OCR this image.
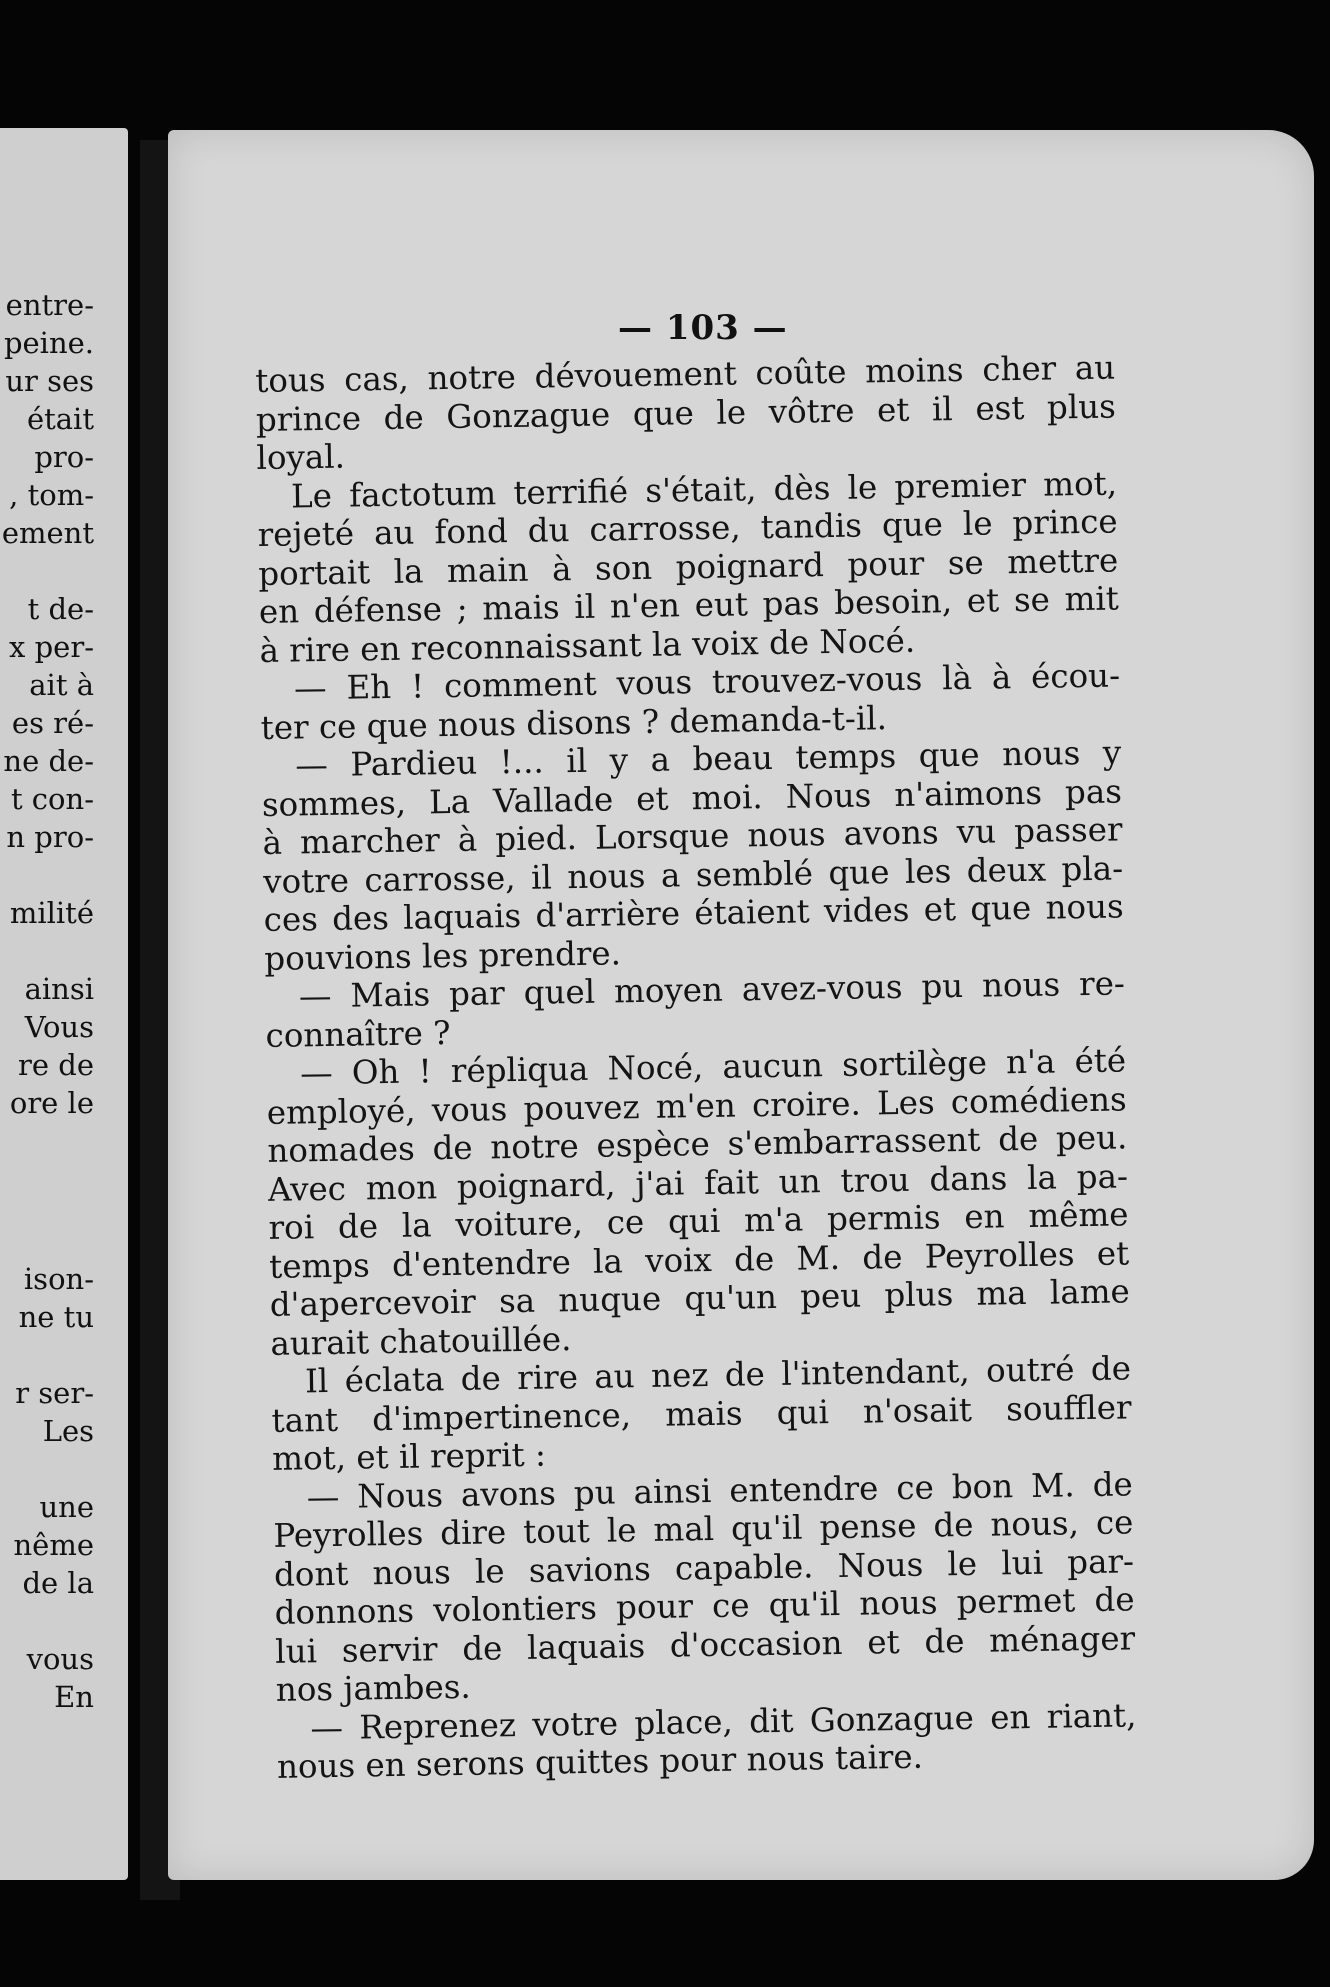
entre-
peine.
ur ses
était
pro-
, tom-
ement
t de-
x per-
ait à
es ré-
ne de-
t con-
n pro-
milité
ainsi
Vous
re de
ore le
ison-
ne tu
r ser-
Les
une
nême
de la
vous
En
— 103 —
tous cas, notre dévouement coûte moins cher au
prince de Gonzague que le vôtre et il est plus
loyal.
Le factotum terrifié s'était, dès le premier mot,
rejeté au fond du carrosse, tandis que le prince
portait la main à son poignard pour se mettre
en défense ; mais il n'en eut pas besoin, et se mit
à rire en reconnaissant la voix de Nocé.
— Eh ! comment vous trouvez-vous là à écou-
ter ce que nous disons ? demanda-t-il.
— Pardieu !... il y a beau temps que nous y
sommes, La Vallade et moi. Nous n'aimons pas
à marcher à pied. Lorsque nous avons vu passer
votre carrosse, il nous a semblé que les deux pla-
ces des laquais d'arrière étaient vides et que nous
pouvions les prendre.
— Mais par quel moyen avez-vous pu nous re-
connaître ?
— Oh ! répliqua Nocé, aucun sortilège n'a été
employé, vous pouvez m'en croire. Les comédiens
nomades de notre espèce s'embarrassent de peu.
Avec mon poignard, j'ai fait un trou dans la pa-
roi de la voiture, ce qui m'a permis en même
temps d'entendre la voix de M. de Peyrolles et
d'apercevoir sa nuque qu'un peu plus ma lame
aurait chatouillée.
Il éclata de rire au nez de l'intendant, outré de
tant d'impertinence, mais qui n'osait souffler
mot, et il reprit :
— Nous avons pu ainsi entendre ce bon M. de
Peyrolles dire tout le mal qu'il pense de nous, ce
dont nous le savions capable. Nous le lui par-
donnons volontiers pour ce qu'il nous permet de
lui servir de laquais d'occasion et de ménager
nos jambes.
— Reprenez votre place, dit Gonzague en riant,
nous en serons quittes pour nous taire.
